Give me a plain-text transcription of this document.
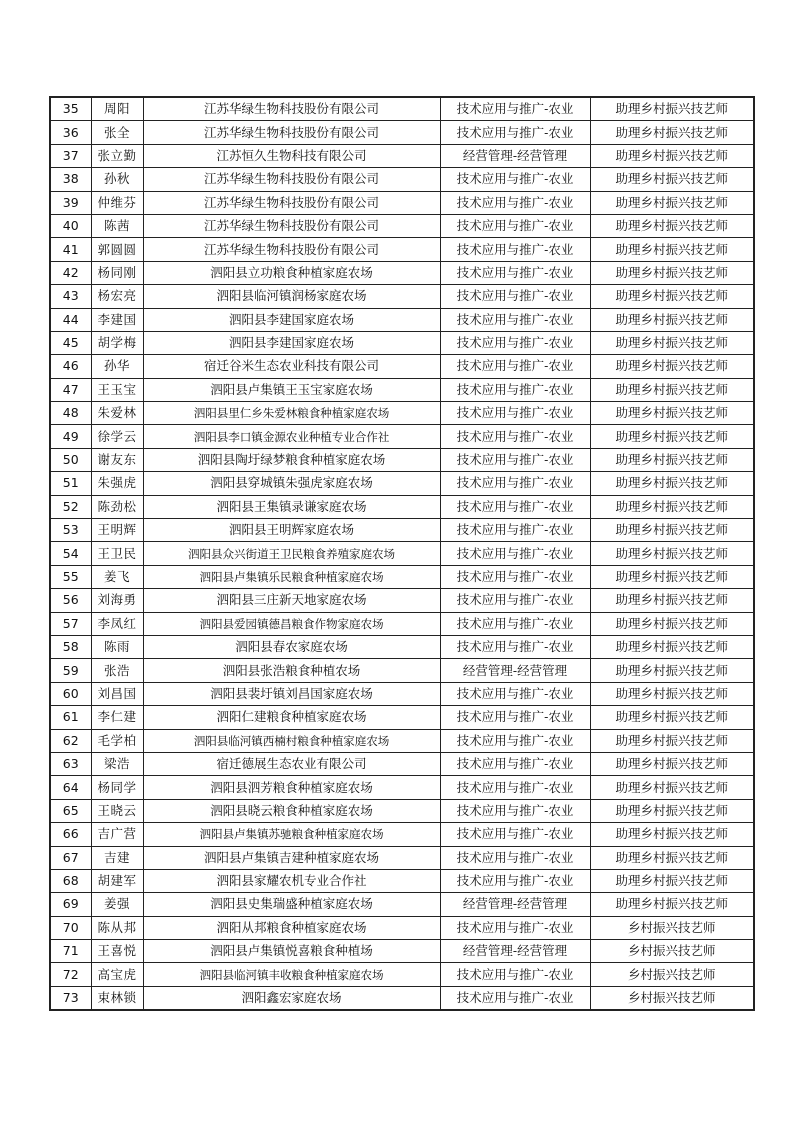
35	周阳	江苏华绿生物科技股份有限公司	技术应用与推广-农业	助理乡村振兴技艺师
36	张全	江苏华绿生物科技股份有限公司	技术应用与推广-农业	助理乡村振兴技艺师
37	张立勤	江苏恒久生物科技有限公司	经营管理-经营管理	助理乡村振兴技艺师
38	孙秋	江苏华绿生物科技股份有限公司	技术应用与推广-农业	助理乡村振兴技艺师
39	仲维芬	江苏华绿生物科技股份有限公司	技术应用与推广-农业	助理乡村振兴技艺师
40	陈茜	江苏华绿生物科技股份有限公司	技术应用与推广-农业	助理乡村振兴技艺师
41	郭圆圆	江苏华绿生物科技股份有限公司	技术应用与推广-农业	助理乡村振兴技艺师
42	杨同刚	泗阳县立功粮食种植家庭农场	技术应用与推广-农业	助理乡村振兴技艺师
43	杨宏亮	泗阳县临河镇润杨家庭农场	技术应用与推广-农业	助理乡村振兴技艺师
44	李建国	泗阳县李建国家庭农场	技术应用与推广-农业	助理乡村振兴技艺师
45	胡学梅	泗阳县李建国家庭农场	技术应用与推广-农业	助理乡村振兴技艺师
46	孙华	宿迁谷米生态农业科技有限公司	技术应用与推广-农业	助理乡村振兴技艺师
47	王玉宝	泗阳县卢集镇王玉宝家庭农场	技术应用与推广-农业	助理乡村振兴技艺师
48	朱爱林	泗阳县里仁乡朱爱林粮食种植家庭农场	技术应用与推广-农业	助理乡村振兴技艺师
49	徐学云	泗阳县李口镇金源农业种植专业合作社	技术应用与推广-农业	助理乡村振兴技艺师
50	谢友东	泗阳县陶圩绿梦粮食种植家庭农场	技术应用与推广-农业	助理乡村振兴技艺师
51	朱强虎	泗阳县穿城镇朱强虎家庭农场	技术应用与推广-农业	助理乡村振兴技艺师
52	陈劲松	泗阳县王集镇录谦家庭农场	技术应用与推广-农业	助理乡村振兴技艺师
53	王明辉	泗阳县王明辉家庭农场	技术应用与推广-农业	助理乡村振兴技艺师
54	王卫民	泗阳县众兴街道王卫民粮食养殖家庭农场	技术应用与推广-农业	助理乡村振兴技艺师
55	姜飞	泗阳县卢集镇乐民粮食种植家庭农场	技术应用与推广-农业	助理乡村振兴技艺师
56	刘海勇	泗阳县三庄新天地家庭农场	技术应用与推广-农业	助理乡村振兴技艺师
57	李凤红	泗阳县爱园镇德昌粮食作物家庭农场	技术应用与推广-农业	助理乡村振兴技艺师
58	陈雨	泗阳县春农家庭农场	技术应用与推广-农业	助理乡村振兴技艺师
59	张浩	泗阳县张浩粮食种植农场	经营管理-经营管理	助理乡村振兴技艺师
60	刘昌国	泗阳县裴圩镇刘昌国家庭农场	技术应用与推广-农业	助理乡村振兴技艺师
61	李仁建	泗阳仁建粮食种植家庭农场	技术应用与推广-农业	助理乡村振兴技艺师
62	毛学柏	泗阳县临河镇西楠村粮食种植家庭农场	技术应用与推广-农业	助理乡村振兴技艺师
63	梁浩	宿迁德展生态农业有限公司	技术应用与推广-农业	助理乡村振兴技艺师
64	杨同学	泗阳县泗芳粮食种植家庭农场	技术应用与推广-农业	助理乡村振兴技艺师
65	王晓云	泗阳县晓云粮食种植家庭农场	技术应用与推广-农业	助理乡村振兴技艺师
66	吉广营	泗阳县卢集镇苏驰粮食种植家庭农场	技术应用与推广-农业	助理乡村振兴技艺师
67	吉建	泗阳县卢集镇吉建种植家庭农场	技术应用与推广-农业	助理乡村振兴技艺师
68	胡建军	泗阳县家耀农机专业合作社	技术应用与推广-农业	助理乡村振兴技艺师
69	姜强	泗阳县史集瑞盛种植家庭农场	经营管理-经营管理	助理乡村振兴技艺师
70	陈从邦	泗阳从邦粮食种植家庭农场	技术应用与推广-农业	乡村振兴技艺师
71	王喜悦	泗阳县卢集镇悦喜粮食种植场	经营管理-经营管理	乡村振兴技艺师
72	高宝虎	泗阳县临河镇丰收粮食种植家庭农场	技术应用与推广-农业	乡村振兴技艺师
73	束林锁	泗阳鑫宏家庭农场	技术应用与推广-农业	乡村振兴技艺师
